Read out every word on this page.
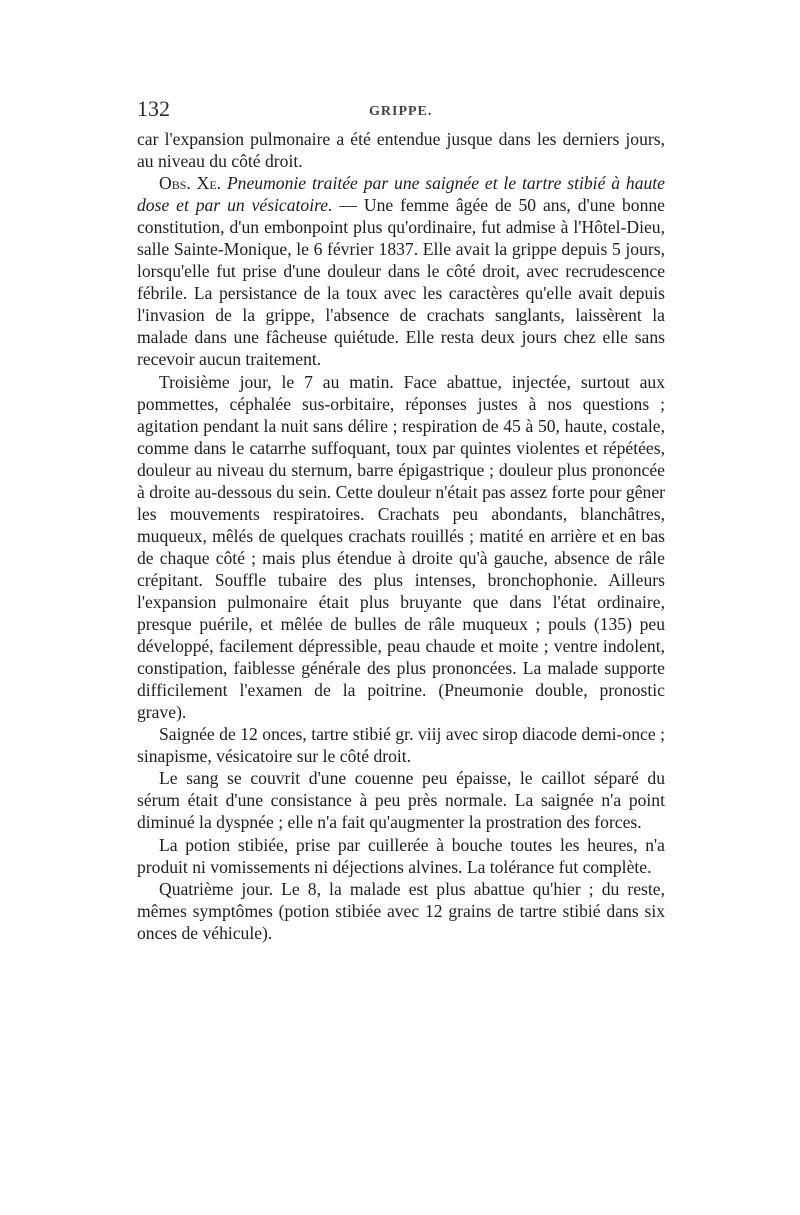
132	GRIPPE.

car l'expansion pulmonaire a été entendue jusque dans les derniers jours, au niveau du côté droit.

Obs. Xe. Pneumonie traitée par une saignée et le tartre stibié à haute dose et par un vésicatoire. — Une femme âgée de 50 ans, d'une bonne constitution, d'un embonpoint plus qu'ordinaire, fut admise à l'Hôtel-Dieu, salle Sainte-Monique, le 6 février 1837. Elle avait la grippe depuis 5 jours, lorsqu'elle fut prise d'une douleur dans le côté droit, avec recrudescence fébrile. La persistance de la toux avec les caractères qu'elle avait depuis l'invasion de la grippe, l'absence de crachats sanglants, laissèrent la malade dans une fâcheuse quiétude. Elle resta deux jours chez elle sans recevoir aucun traitement.

Troisième jour, le 7 au matin. Face abattue, injectée, surtout aux pommettes, céphalée sus-orbitaire, réponses justes à nos questions ; agitation pendant la nuit sans délire ; respiration de 45 à 50, haute, costale, comme dans le catarrhe suffoquant, toux par quintes violentes et répétées, douleur au niveau du sternum, barre épigastrique ; douleur plus prononcée à droite au-dessous du sein. Cette douleur n'était pas assez forte pour gêner les mouvements respiratoires. Crachats peu abondants, blanchâtres, muqueux, mêlés de quelques crachats rouillés ; matité en arrière et en bas de chaque côté ; mais plus étendue à droite qu'à gauche, absence de râle crépitant. Souffle tubaire des plus intenses, bronchophonie. Ailleurs l'expansion pulmonaire était plus bruyante que dans l'état ordinaire, presque puérile, et mêlée de bulles de râle muqueux ; pouls (135) peu développé, facilement dépressible, peau chaude et moite ; ventre indolent, constipation, faiblesse générale des plus prononcées. La malade supporte difficilement l'examen de la poitrine. (Pneumonie double, pronostic grave).

Saignée de 12 onces, tartre stibié gr. viij avec sirop diacode demi-once ; sinapisme, vésicatoire sur le côté droit.

Le sang se couvrit d'une couenne peu épaisse, le caillot séparé du sérum était d'une consistance à peu près normale. La saignée n'a point diminué la dyspnée ; elle n'a fait qu'augmenter la prostration des forces.

La potion stibiée, prise par cuillerée à bouche toutes les heures, n'a produit ni vomissements ni déjections alvines. La tolérance fut complète.

Quatrième jour. Le 8, la malade est plus abattue qu'hier ; du reste, mêmes symptômes (potion stibiée avec 12 grains de tartre stibié dans six onces de véhicule).
